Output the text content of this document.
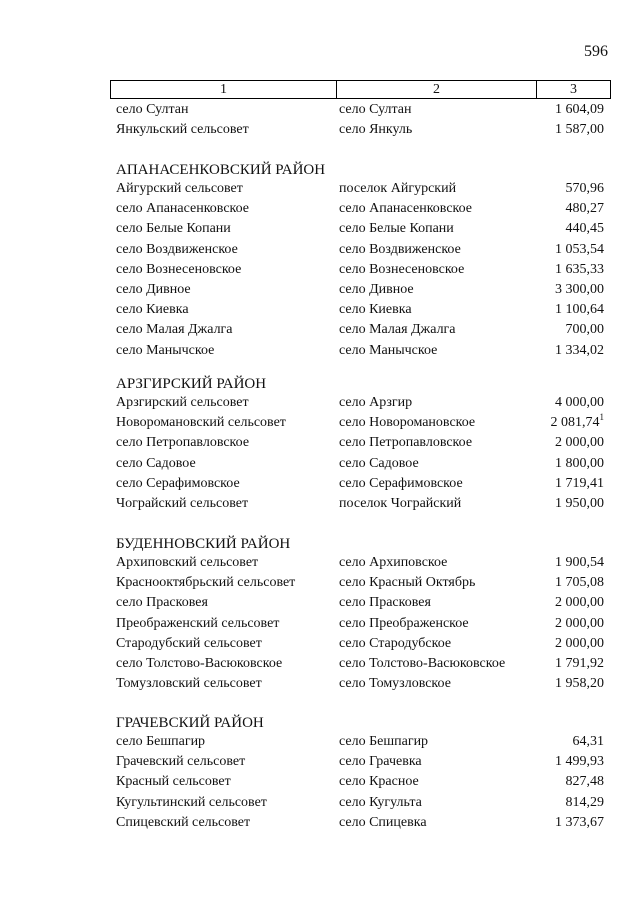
596
1	2	3
село Султан	село Султан	1 604,09
Янкульский сельсовет	село Янкуль	1 587,00
АПАНАСЕНКОВСКИЙ РАЙОН
Айгурский сельсовет	поселок Айгурский	570,96
село Апанасенковское	село Апанасенковское	480,27
село Белые Копани	село Белые Копани	440,45
село Воздвиженское	село Воздвиженское	1 053,54
село Вознесеновское	село Вознесеновское	1 635,33
село Дивное	село Дивное	3 300,00
село Киевка	село Киевка	1 100,64
село Малая Джалга	село Малая Джалга	700,00
село Манычское	село Манычское	1 334,02
АРЗГИРСКИЙ РАЙОН
Арзгирский сельсовет	село Арзгир	4 000,00
Новоромановский сельсовет	село Новоромановское	2 081,74$^1$
село Петропавловское	село Петропавловское	2 000,00
село Садовое	село Садовое	1 800,00
село Серафимовское	село Серафимовское	1 719,41
Чограйский сельсовет	поселок Чограйский	1 950,00
БУДЕННОВСКИЙ РАЙОН
Архиповский сельсовет	село Архиповское	1 900,54
Краснооктябрьский сельсовет	село Красный Октябрь	1 705,08
село Прасковея	село Прасковея	2 000,00
Преображенский сельсовет	село Преображенское	2 000,00
Стародубский сельсовет	село Стародубское	2 000,00
село Толстово-Васюковское	село Толстово-Васюковское	1 791,92
Томузловский сельсовет	село Томузловское	1 958,20
ГРАЧЕВСКИЙ РАЙОН
село Бешпагир	село Бешпагир	64,31
Грачевский сельсовет	село Грачевка	1 499,93
Красный сельсовет	село Красное	827,48
Кугультинский сельсовет	село Кугульта	814,29
Спицевский сельсовет	село Спицевка	1 373,67
